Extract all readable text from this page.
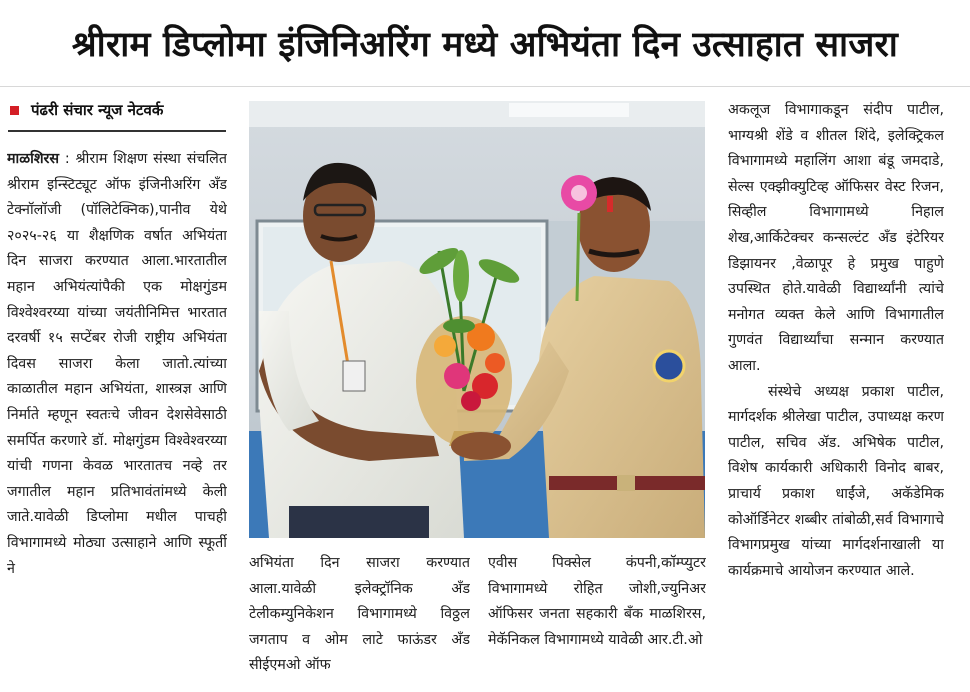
श्रीराम डिप्लोमा इंजिनिअरिंग मध्ये अभियंता दिन उत्साहात साजरा
पंढरी संचार न्यूज नेटवर्क

माळशिरस : श्रीराम शिक्षण संस्था संचलित श्रीराम इन्स्टिट्यूट ऑफ इंजिनीअरिंग अँड टेक्नॉलॉजी (पॉलिटेक्निक),पानीव येथे २०२५-२६ या शैक्षणिक वर्षात अभियंता दिन साजरा करण्यात आला.भारतातील महान अभियंत्यांपैकी एक मोक्षगुंडम विश्वेश्वरय्या यांच्या जयंतीनिमित्त भारतात दरवर्षी १५ सप्टेंबर रोजी राष्ट्रीय अभियंता दिवस साजरा केला जातो.त्यांच्या काळातील महान अभियंता, शास्त्रज्ञ आणि निर्माते म्हणून स्वतःचे जीवन देशसेवेसाठी समर्पित करणारे डॉ. मोक्षगुंडम विश्वेश्वरय्या यांची गणना केवळ भारतातच नव्हे तर जगातील महान प्रतिभावंतांमध्ये केली जाते.यावेळी डिप्लोमा मधील पाचही विभागामध्ये मोठ्या उत्साहाने आणि स्फूर्ती ने	अभियंता दिन साजरा करण्यात आला.यावेळी इलेक्ट्रॉनिक अँड टेलीकम्युनिकेशन विभागामध्ये विठ्ठल जगताप व ओम लाटे फाऊंडर अँड सीईएमओ ऑफ

एवीस पिक्सेल कंपनी,कॉम्प्युटर विभागामध्ये रोहित जोशी,ज्युनिअर ऑफिसर जनता सहकारी बँक माळशिरस, मेकॅनिकल विभागामध्ये यावेळी आर.टी.ओ

अकलूज विभागाकडून संदीप पाटील, भाग्यश्री शेंडे व शीतल शिंदे, इलेक्ट्रिकल विभागामध्ये महालिंग आशा बंडू जमदाडे, सेल्स एक्झीक्युटिव्ह ऑफिसर वेस्ट रिजन, सिव्हील विभागामध्ये निहाल शेख,आर्किटेक्चर कन्सल्टंट अँड इंटेरियर डिझायनर ,वेळापूर हे प्रमुख पाहुणे उपस्थित होते.यावेळी विद्यार्थ्यांनी त्यांचे मनोगत व्यक्त केले आणि विभागातील गुणवंत विद्यार्थ्यांचा सन्मान करण्यात आला.

संस्थेचे अध्यक्ष प्रकाश पाटील, मार्गदर्शक श्रीलेखा पाटील, उपाध्यक्ष करण पाटील, सचिव ॲड. अभिषेक पाटील, विशेष कार्यकारी अधिकारी विनोद बाबर, प्राचार्य प्रकाश धाईंजे, अकॅडेमिक कोऑर्डिनेटर शब्बीर तांबोळी,सर्व विभागाचे विभागप्रमुख यांच्या मार्गदर्शनाखाली या कार्यक्रमाचे आयोजन करण्यात आले.
